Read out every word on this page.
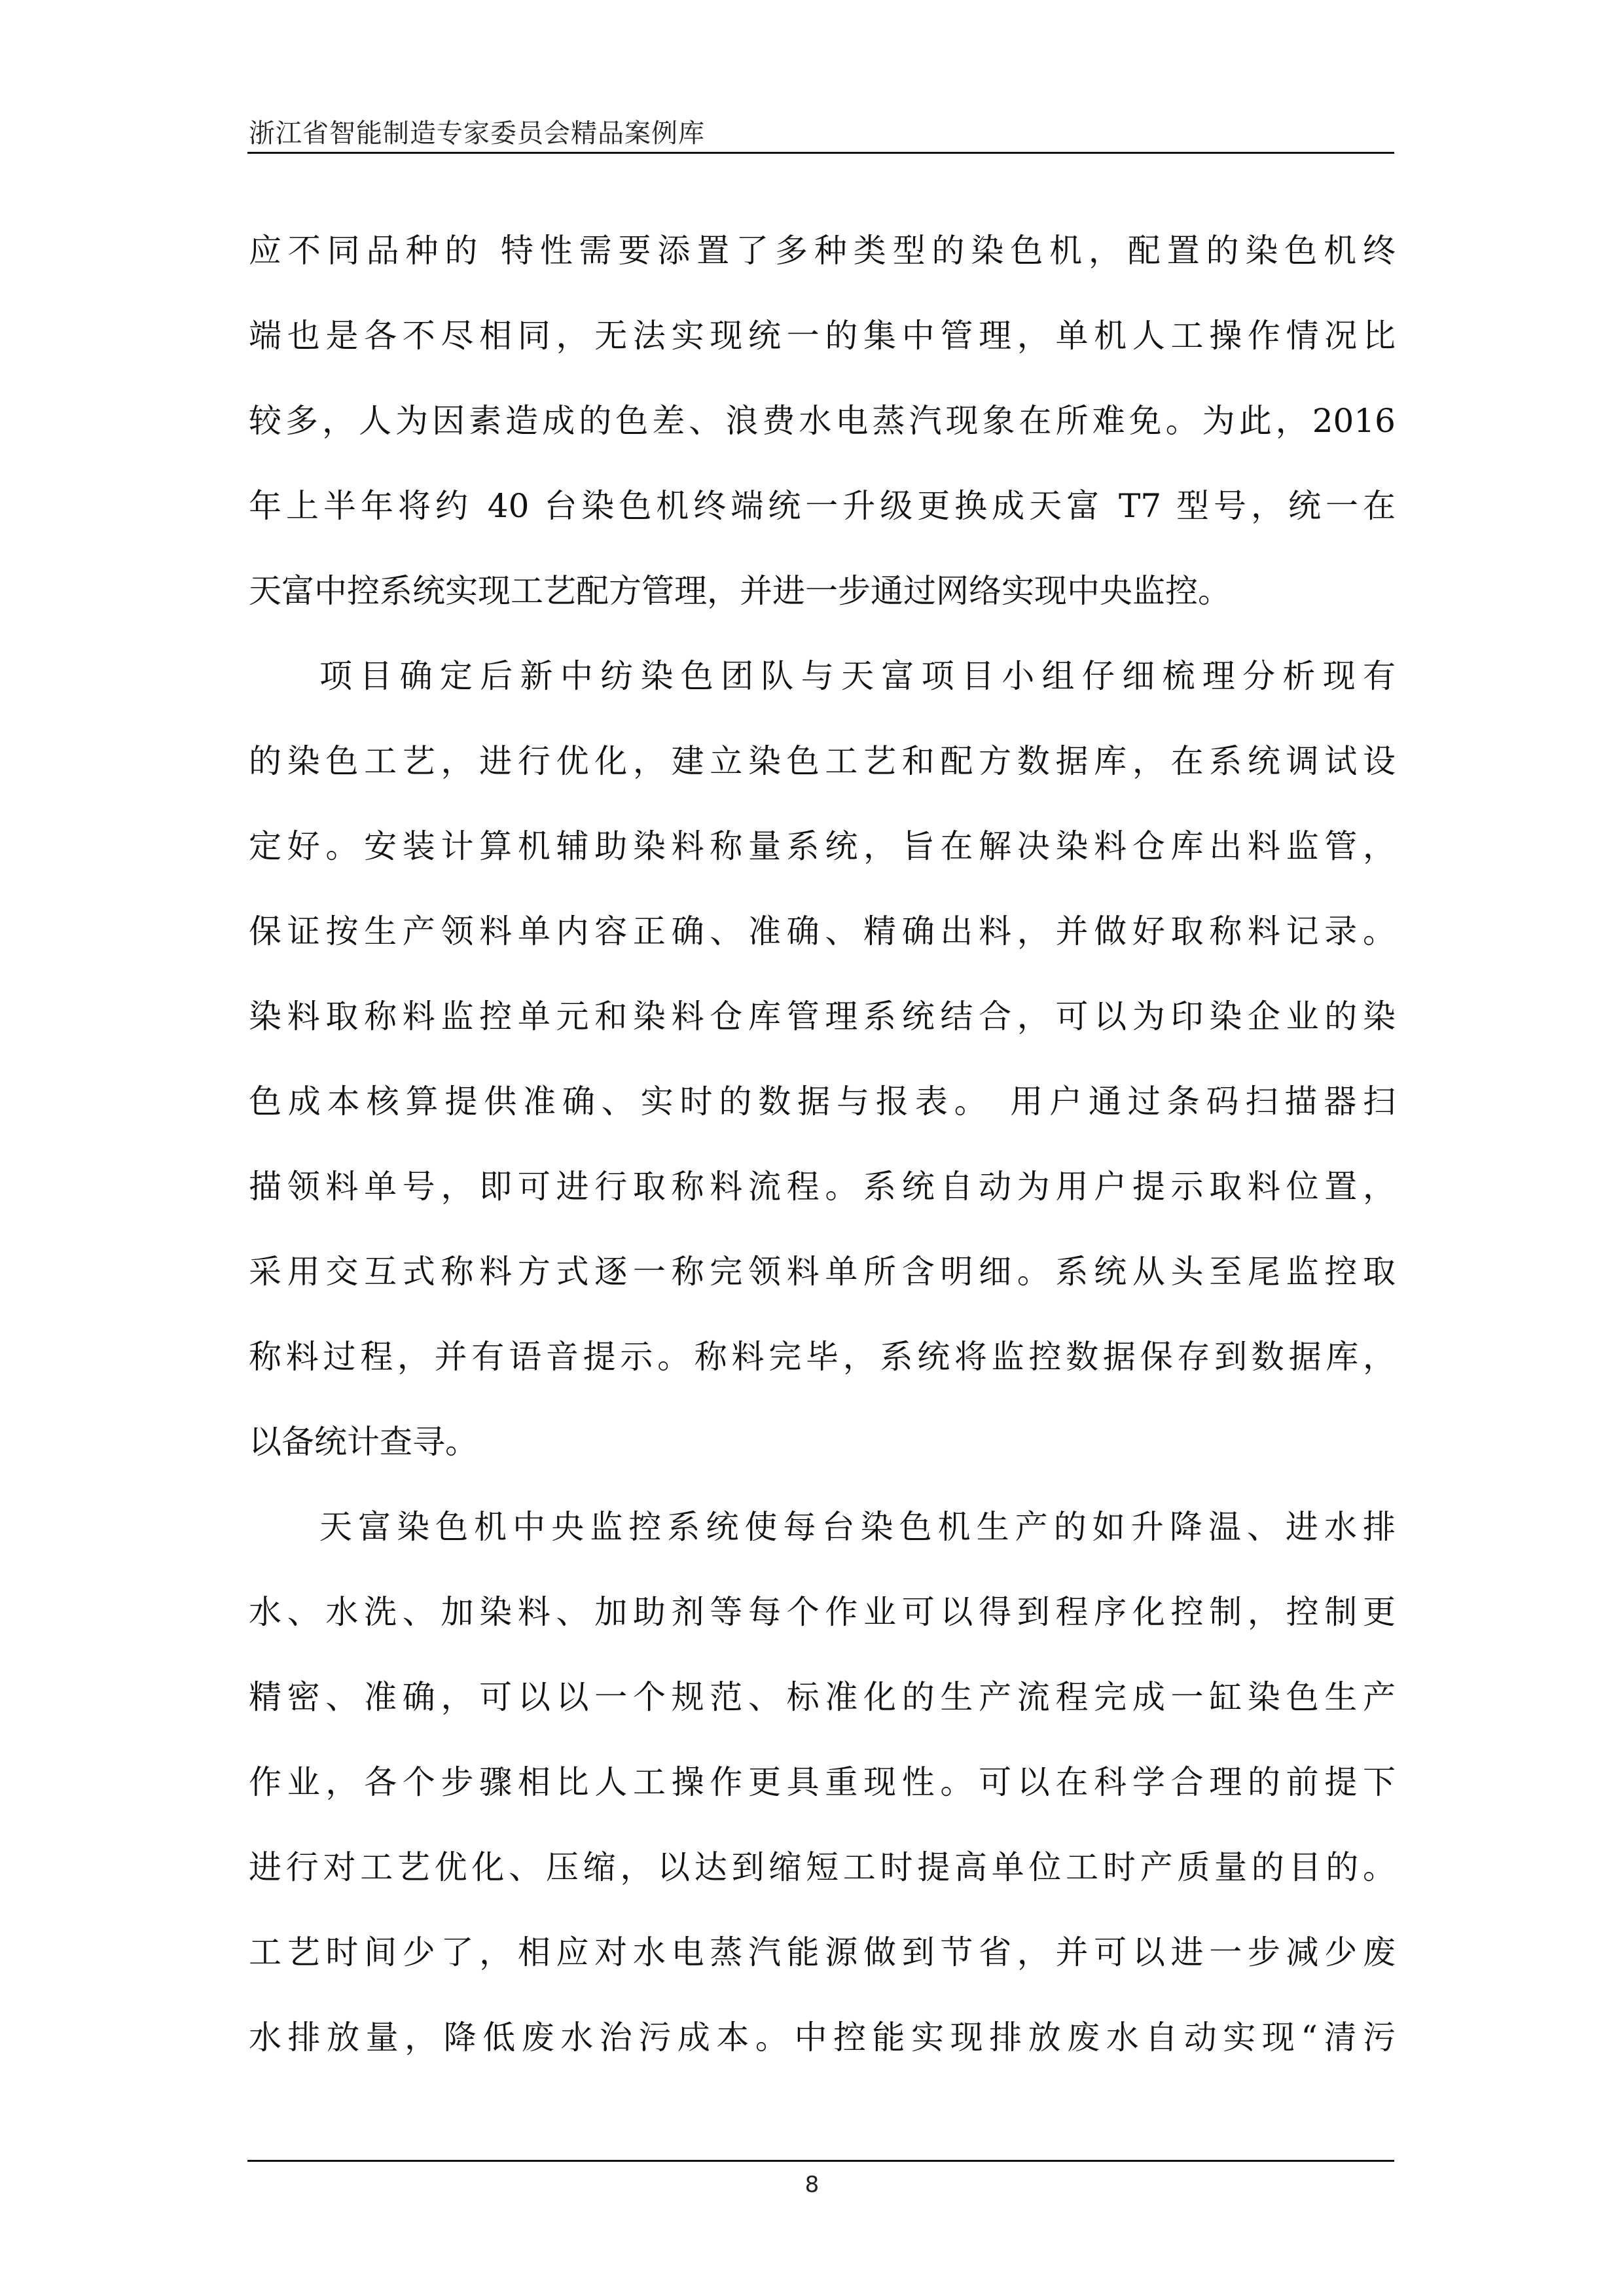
浙江省智能制造专家委员会精品案例库
应不同品种的 特性需要添置了多种类型的染色机，配置的染色机终
端也是各不尽相同，无法实现统一的集中管理，单机人工操作情况比
较多，人为因素造成的色差、浪费水电蒸汽现象在所难免。为此，2016
年上半年将约 40 台染色机终端统一升级更换成天富 T7 型号，统一在
天富中控系统实现工艺配方管理，并进一步通过网络实现中央监控。
项目确定后新中纺染色团队与天富项目小组仔细梳理分析现有
的染色工艺，进行优化，建立染色工艺和配方数据库，在系统调试设
定好。安装计算机辅助染料称量系统，旨在解决染料仓库出料监管，
保证按生产领料单内容正确、准确、精确出料，并做好取称料记录。
染料取称料监控单元和染料仓库管理系统结合，可以为印染企业的染
色成本核算提供准确、实时的数据与报表。 用户通过条码扫描器扫
描领料单号，即可进行取称料流程。系统自动为用户提示取料位置，
采用交互式称料方式逐一称完领料单所含明细。系统从头至尾监控取
称料过程，并有语音提示。称料完毕，系统将监控数据保存到数据库，
以备统计查寻。
天富染色机中央监控系统使每台染色机生产的如升降温、进水排
水、水洗、加染料、加助剂等每个作业可以得到程序化控制，控制更
精密、准确，可以以一个规范、标准化的生产流程完成一缸染色生产
作业，各个步骤相比人工操作更具重现性。可以在科学合理的前提下
进行对工艺优化、压缩，以达到缩短工时提高单位工时产质量的目的。
工艺时间少了，相应对水电蒸汽能源做到节省，并可以进一步减少废
水排放量，降低废水治污成本。中控能实现排放废水自动实现“清污
8
